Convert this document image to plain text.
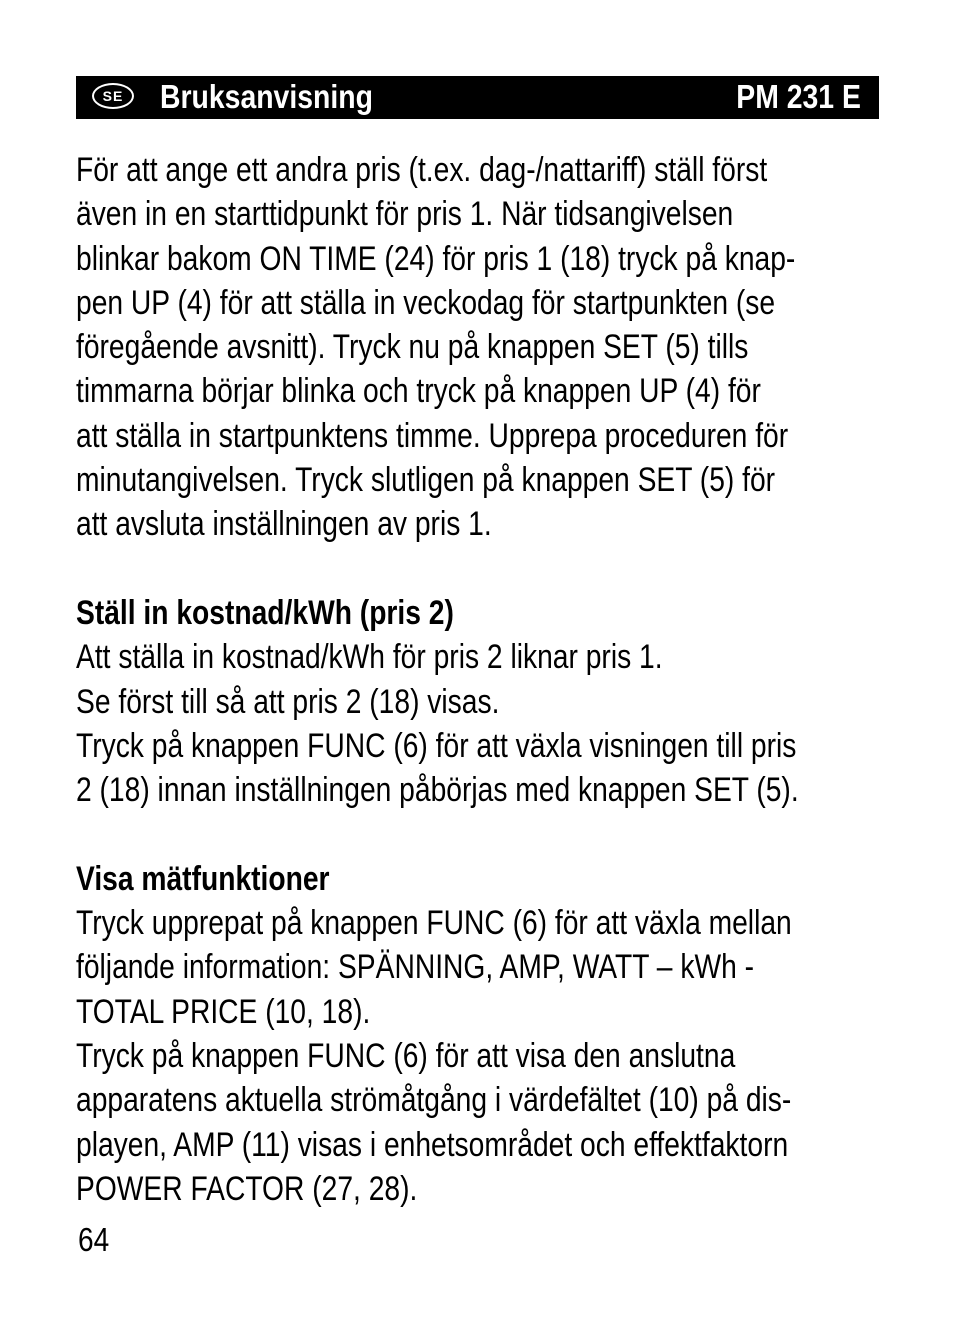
SE	Bruksanvisning	PM 231 E
För att ange ett andra pris (t.ex. dag-/nattariff) ställ först
även in en starttidpunkt för pris 1. När tidsangivelsen
blinkar bakom ON TIME (24) för pris 1 (18) tryck på knap-
pen UP (4) för att ställa in veckodag för startpunkten (se
föregående avsnitt). Tryck nu på knappen SET (5) tills
timmarna börjar blinka och tryck på knappen UP (4) för
att ställa in startpunktens timme. Upprepa proceduren för
minutangivelsen. Tryck slutligen på knappen SET (5) för
att avsluta inställningen av pris 1.
Ställ in kostnad/kWh (pris 2)
Att ställa in kostnad/kWh för pris 2 liknar pris 1.
Se först till så att pris 2 (18) visas.
Tryck på knappen FUNC (6) för att växla visningen till pris
2 (18) innan inställningen påbörjas med knappen SET (5).
Visa mätfunktioner
Tryck upprepat på knappen FUNC (6) för att växla mellan
följande information: SPÄNNING, AMP, WATT – kWh -
TOTAL PRICE (10, 18).
Tryck på knappen FUNC (6) för att visa den anslutna
apparatens aktuella strömåtgång i värdefältet (10) på dis-
playen, AMP (11) visas i enhetsområdet och effektfaktorn
POWER FACTOR (27, 28).
64
